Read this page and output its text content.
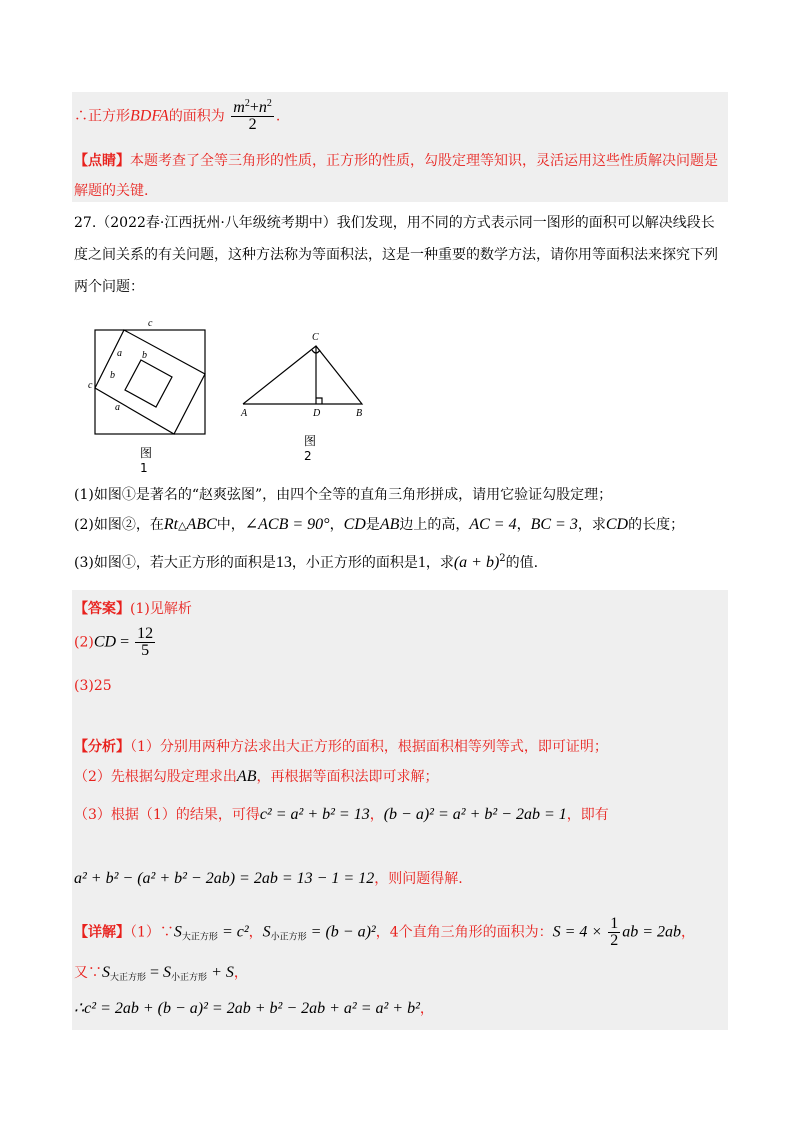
∴正方形BDFA的面积为 $\frac{m^2+n^2}{2}$ .
【点睛】本题考查了全等三角形的性质，正方形的性质，勾股定理等知识，灵活运用这些性质解决问题是
解题的关键.
27.（2022春·江西抚州·八年级统考期中）我们发现，用不同的方式表示同一图形的面积可以解决线段长
度之间关系的有关问题，这种方法称为等面积法，这是一种重要的数学方法，请你用等面积法来探究下列
两个问题：
c
c
a b
b
a
C
A	D	B
图1
图2
(1)如图①是著名的“赵爽弦图”，由四个全等的直角三角形拼成，请用它验证勾股定理；
(2)如图②，在Rt△ABC中，∠ACB = 90°，CD是AB边上的高，AC = 4，BC = 3，求CD的长度；
(3)如图①，若大正方形的面积是13，小正方形的面积是1，求$(a + b)^2$的值.
【答案】(1)见解析
$(2)CD = \frac{12}{5}$
(3)25
【分析】（1）分别用两种方法求出大正方形的面积，根据面积相等列等式，即可证明；
（2）先根据勾股定理求出AB，再根据等面积法即可求解；
（3）根据（1）的结果，可得c² = a² + b² = 13，(b − a)² = a² + b² − 2ab = 1，即有
a² + b² − (a² + b² − 2ab) = 2ab = 13 − 1 = 12，则问题得解.
【详解】$(1)\because S_{大正方形} = c^2$，$S_{小正方形} = (b - a)^2$，4个直角三角形的面积为：$S = 4 \times \frac{1}{2}$ ab = 2ab，
又$\because S_{大正方形} = S_{小正方形} + S$，
∴c² = 2ab + (b − a)² = 2ab + b² − 2ab + a² = a² + b²，
